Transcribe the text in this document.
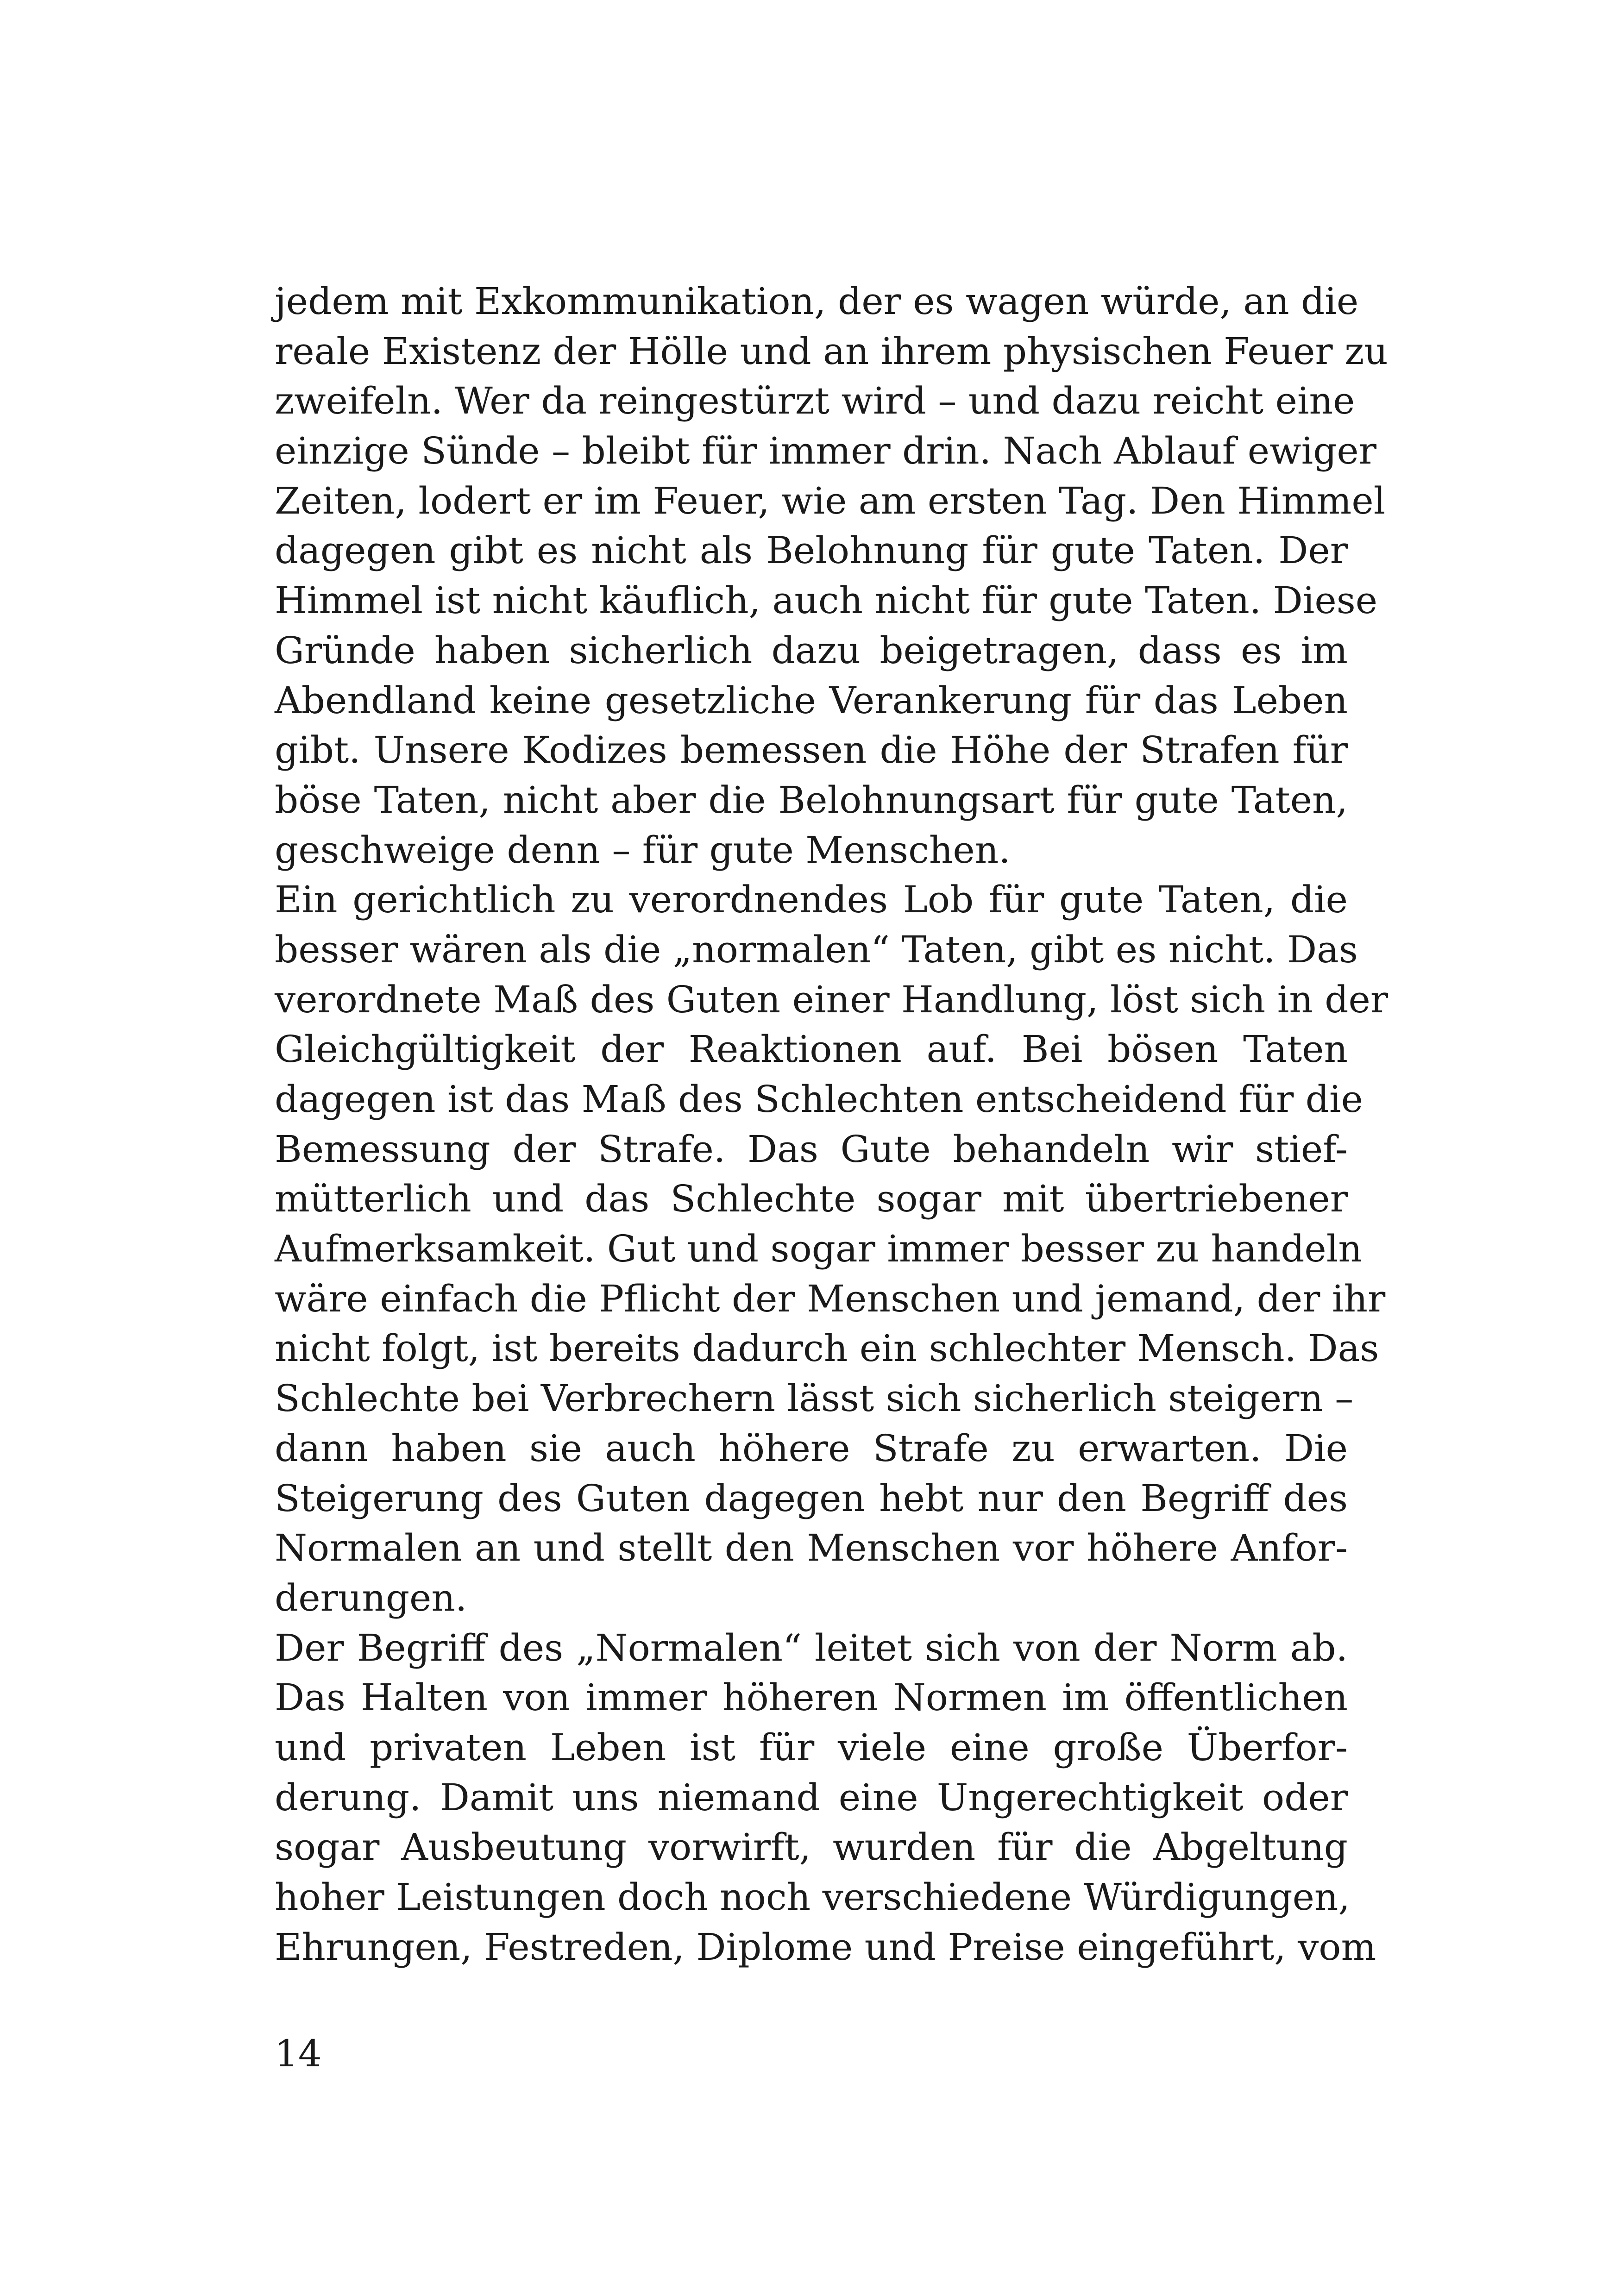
jedem mit Exkommunikation, der es wagen würde, an die
reale Existenz der Hölle und an ihrem physischen Feuer zu
zweifeln. Wer da reingestürzt wird – und dazu reicht eine
einzige Sünde – bleibt für immer drin. Nach Ablauf ewiger
Zeiten, lodert er im Feuer, wie am ersten Tag. Den Himmel
dagegen gibt es nicht als Belohnung für gute Taten. Der
Himmel ist nicht käuflich, auch nicht für gute Taten. Diese
Gründe haben sicherlich dazu beigetragen, dass es im
Abendland keine gesetzliche Verankerung für das Leben
gibt. Unsere Kodizes bemessen die Höhe der Strafen für
böse Taten, nicht aber die Belohnungsart für gute Taten,
geschweige denn – für gute Menschen.
Ein gerichtlich zu verordnendes Lob für gute Taten, die
besser wären als die „normalen“ Taten, gibt es nicht. Das
verordnete Maß des Guten einer Handlung, löst sich in der
Gleichgültigkeit der Reaktionen auf. Bei bösen Taten
dagegen ist das Maß des Schlechten entscheidend für die
Bemessung der Strafe. Das Gute behandeln wir stief-
mütterlich und das Schlechte sogar mit übertriebener
Aufmerksamkeit. Gut und sogar immer besser zu handeln
wäre einfach die Pflicht der Menschen und jemand, der ihr
nicht folgt, ist bereits dadurch ein schlechter Mensch. Das
Schlechte bei Verbrechern lässt sich sicherlich steigern –
dann haben sie auch höhere Strafe zu erwarten. Die
Steigerung des Guten dagegen hebt nur den Begriff des
Normalen an und stellt den Menschen vor höhere Anfor-
derungen.
Der Begriff des „Normalen“ leitet sich von der Norm ab.
Das Halten von immer höheren Normen im öffentlichen
und privaten Leben ist für viele eine große Überfor-
derung. Damit uns niemand eine Ungerechtigkeit oder
sogar Ausbeutung vorwirft, wurden für die Abgeltung
hoher Leistungen doch noch verschiedene Würdigungen,
Ehrungen, Festreden, Diplome und Preise eingeführt, vom
14
